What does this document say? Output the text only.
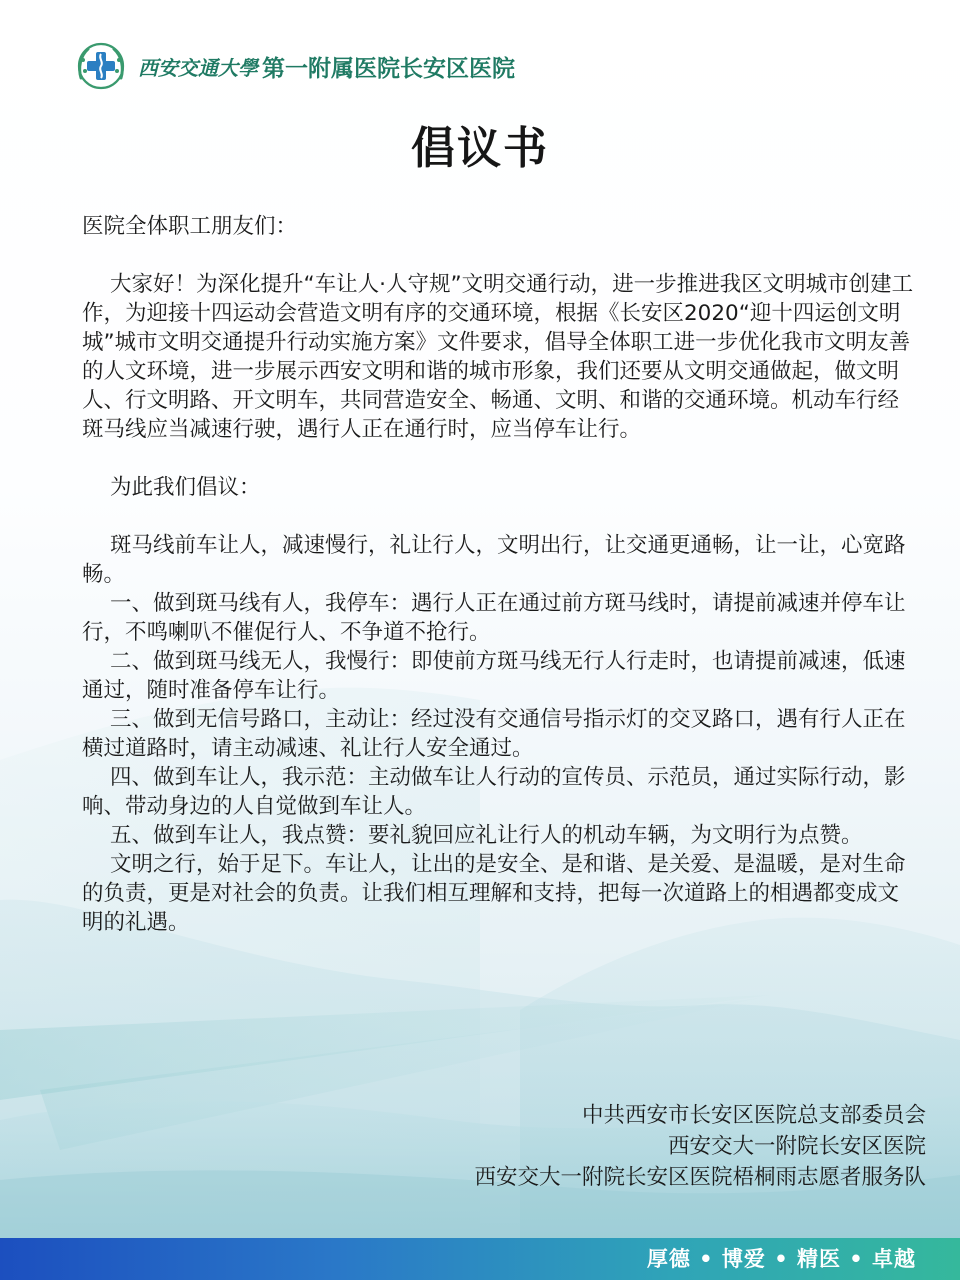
西安交通大學 第一附属医院长安区医院
倡议书

医院全体职工朋友们：

大家好！为深化提升“车让人·人守规”文明交通行动，进一步推进我区文明城市创建工作，为迎接十四运动会营造文明有序的交通环境，根据《长安区2020“迎十四运创文明城”城市文明交通提升行动实施方案》文件要求，倡导全体职工进一步优化我市文明友善的人文环境，进一步展示西安文明和谐的城市形象，我们还要从文明交通做起，做文明人、行文明路、开文明车，共同营造安全、畅通、文明、和谐的交通环境。机动车行经斑马线应当减速行驶，遇行人正在通行时，应当停车让行。

为此我们倡议：

斑马线前车让人，减速慢行，礼让行人，文明出行，让交通更通畅，让一让，心宽路畅。

一、做到斑马线有人，我停车：遇行人正在通过前方斑马线时，请提前减速并停车让行，不鸣喇叭不催促行人、不争道不抢行。

二、做到斑马线无人，我慢行：即使前方斑马线无行人行走时，也请提前减速，低速通过，随时准备停车让行。

三、做到无信号路口，主动让：经过没有交通信号指示灯的交叉路口，遇有行人正在横过道路时，请主动减速、礼让行人安全通过。

四、做到车让人，我示范：主动做车让人行动的宣传员、示范员，通过实际行动，影响、带动身边的人自觉做到车让人。

五、做到车让人，我点赞：要礼貌回应礼让行人的机动车辆，为文明行为点赞。

文明之行，始于足下。车让人，让出的是安全、是和谐、是关爱、是温暖，是对生命的负责，更是对社会的负责。让我们相互理解和支持，把每一次道路上的相遇都变成文明的礼遇。

中共西安市长安区医院总支部委员会
西安交大一附院长安区医院
西安交大一附院长安区医院梧桐雨志愿者服务队
厚德 • 博爱 • 精医 • 卓越
